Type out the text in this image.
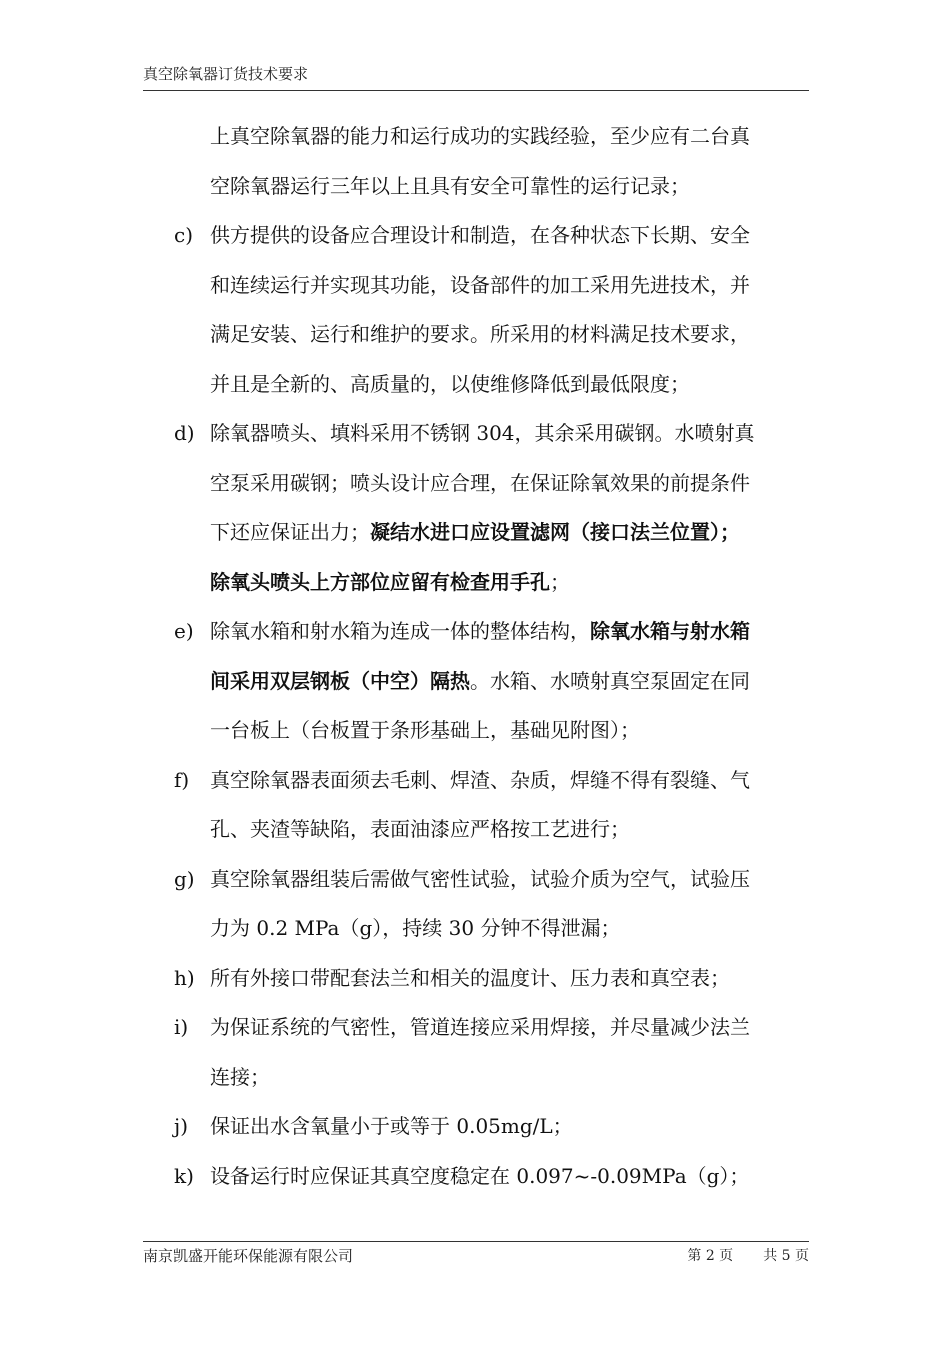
真空除氧器订货技术要求
上真空除氧器的能力和运行成功的实践经验，至少应有二台真
空除氧器运行三年以上且具有安全可靠性的运行记录；
c) 供方提供的设备应合理设计和制造，在各种状态下长期、安全
和连续运行并实现其功能，设备部件的加工采用先进技术，并
满足安装、运行和维护的要求。所采用的材料满足技术要求，
并且是全新的、高质量的，以使维修降低到最低限度；
d) 除氧器喷头、填料采用不锈钢 304，其余采用碳钢。水喷射真
空泵采用碳钢；喷头设计应合理，在保证除氧效果的前提条件
下还应保证出力；凝结水进口应设置滤网（接口法兰位置）；
除氧头喷头上方部位应留有检查用手孔；
e) 除氧水箱和射水箱为连成一体的整体结构，除氧水箱与射水箱
间采用双层钢板（中空）隔热。水箱、水喷射真空泵固定在同
一台板上（台板置于条形基础上，基础见附图）；
f) 真空除氧器表面须去毛刺、焊渣、杂质，焊缝不得有裂缝、气
孔、夹渣等缺陷，表面油漆应严格按工艺进行；
g) 真空除氧器组装后需做气密性试验，试验介质为空气，试验压
力为 0.2 MPa（g），持续 30 分钟不得泄漏；
h) 所有外接口带配套法兰和相关的温度计、压力表和真空表；
i) 为保证系统的气密性，管道连接应采用焊接，并尽量减少法兰
连接；
j) 保证出水含氧量小于或等于 0.05mg/L；
k) 设备运行时应保证其真空度稳定在 0.097~-0.09MPa（g）；
南京凯盛开能环保能源有限公司	第 2 页 共 5 页
